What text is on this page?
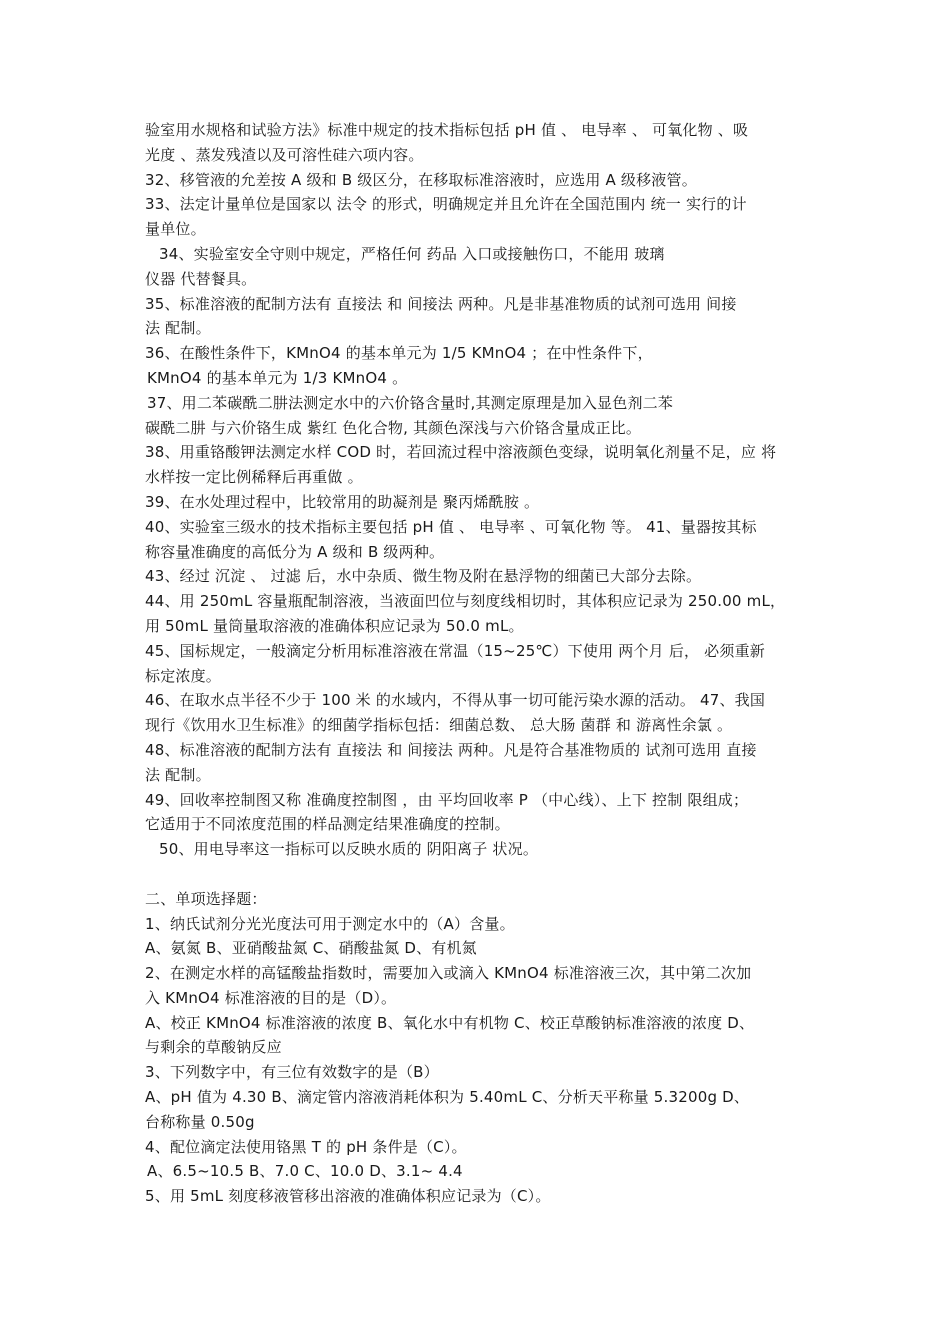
验室用水规格和试验方法》标准中规定的技术指标包括 pH 值 、 电导率 、 可氧化物 、吸
光度 、蒸发残渣以及可溶性硅六项内容。
32、移管液的允差按 A 级和 B 级区分，在移取标准溶液时，应选用 A 级移液管。
33、法定计量单位是国家以 法令 的形式，明确规定并且允许在全国范围内 统一 实行的计
量单位。
34、实验室安全守则中规定，严格任何 药品 入口或接触伤口，不能用 玻璃
仪器 代替餐具。
35、标准溶液的配制方法有 直接法 和 间接法 两种。凡是非基准物质的试剂可选用 间接
法 配制。
36、在酸性条件下，KMnO4 的基本单元为 1/5 KMnO4 ；在中性条件下，
KMnO4 的基本单元为 1/3 KMnO4 。
37、用二苯碳酰二肼法测定水中的六价铬含量时,其测定原理是加入显色剂二苯
碳酰二肼 与六价铬生成 紫红 色化合物, 其颜色深浅与六价铬含量成正比。
38、用重铬酸钾法测定水样 COD 时，若回流过程中溶液颜色变绿，说明氧化剂量不足，应 将
水样按一定比例稀释后再重做 。
39、在水处理过程中，比较常用的助凝剂是 聚丙烯酰胺 。
40、实验室三级水的技术指标主要包括 pH 值 、 电导率 、可氧化物 等。 41、量器按其标
称容量准确度的高低分为 A 级和 B 级两种。
43、经过 沉淀 、 过滤 后，水中杂质、微生物及附在悬浮物的细菌已大部分去除。
44、用 250mL 容量瓶配制溶液，当液面凹位与刻度线相切时，其体积应记录为 250.00 mL，
用 50mL 量筒量取溶液的准确体积应记录为 50.0 mL。
45、国标规定，一般滴定分析用标准溶液在常温（15~25℃）下使用 两个月 后， 必须重新
标定浓度。
46、在取水点半径不少于 100 米 的水域内，不得从事一切可能污染水源的活动。 47、我国
现行《饮用水卫生标准》的细菌学指标包括：细菌总数、 总大肠 菌群 和 游离性余氯 。
48、标准溶液的配制方法有 直接法 和 间接法 两种。凡是符合基准物质的 试剂可选用 直接
法 配制。
49、回收率控制图又称 准确度控制图 ，由 平均回收率 P （中心线）、上下 控制 限组成；
它适用于不同浓度范围的样品测定结果准确度的控制。
50、用电导率这一指标可以反映水质的 阴阳离子 状况。
二、单项选择题：
1、纳氏试剂分光光度法可用于测定水中的（A）含量。
A、氨氮 B、亚硝酸盐氮 C、硝酸盐氮 D、有机氮
2、在测定水样的高锰酸盐指数时，需要加入或滴入 KMnO4 标准溶液三次，其中第二次加
入 KMnO4 标准溶液的目的是（D）。
A、校正 KMnO4 标准溶液的浓度 B、氧化水中有机物 C、校正草酸钠标准溶液的浓度 D、
与剩余的草酸钠反应
3、下列数字中，有三位有效数字的是（B）
A、pH 值为 4.30 B、滴定管内溶液消耗体积为 5.40mL C、分析天平称量 5.3200g D、
台称称量 0.50g
4、配位滴定法使用铬黑 T 的 pH 条件是（C）。
A、6.5~10.5 B、7.0 C、10.0 D、3.1~ 4.4
5、用 5mL 刻度移液管移出溶液的准确体积应记录为（C）。
